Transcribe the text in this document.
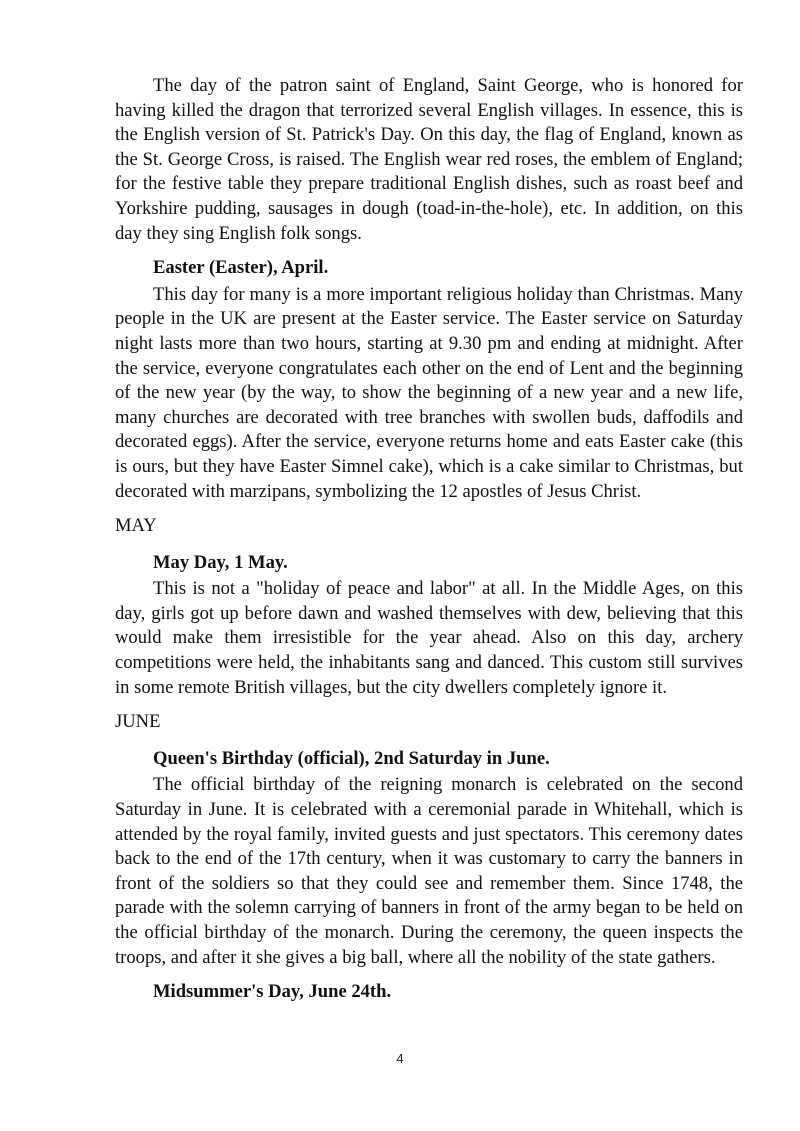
The day of the patron saint of England, Saint George, who is honored for having killed the dragon that terrorized several English villages. In essence, this is the English version of St. Patrick's Day. On this day, the flag of England, known as the St. George Cross, is raised. The English wear red roses, the emblem of England; for the festive table they prepare traditional English dishes, such as roast beef and Yorkshire pudding, sausages in dough (toad-in-the-hole), etc. In addition, on this day they sing English folk songs.

Easter (Easter), April.

This day for many is a more important religious holiday than Christmas. Many people in the UK are present at the Easter service. The Easter service on Saturday night lasts more than two hours, starting at 9.30 pm and ending at midnight. After the service, everyone congratulates each other on the end of Lent and the beginning of the new year (by the way, to show the beginning of a new year and a new life, many churches are decorated with tree branches with swollen buds, daffodils and decorated eggs). After the service, everyone returns home and eats Easter cake (this is ours, but they have Easter Simnel cake), which is a cake similar to Christmas, but decorated with marzipans, symbolizing the 12 apostles of Jesus Christ.

MAY

May Day, 1 May.

This is not a "holiday of peace and labor" at all. In the Middle Ages, on this day, girls got up before dawn and washed themselves with dew, believing that this would make them irresistible for the year ahead. Also on this day, archery competitions were held, the inhabitants sang and danced. This custom still survives in some remote British villages, but the city dwellers completely ignore it.

JUNE

Queen's Birthday (official), 2nd Saturday in June.

The official birthday of the reigning monarch is celebrated on the second Saturday in June. It is celebrated with a ceremonial parade in Whitehall, which is attended by the royal family, invited guests and just spectators. This ceremony dates back to the end of the 17th century, when it was customary to carry the banners in front of the soldiers so that they could see and remember them. Since 1748, the parade with the solemn carrying of banners in front of the army began to be held on the official birthday of the monarch. During the ceremony, the queen inspects the troops, and after it she gives a big ball, where all the nobility of the state gathers.

Midsummer's Day, June 24th.

4
